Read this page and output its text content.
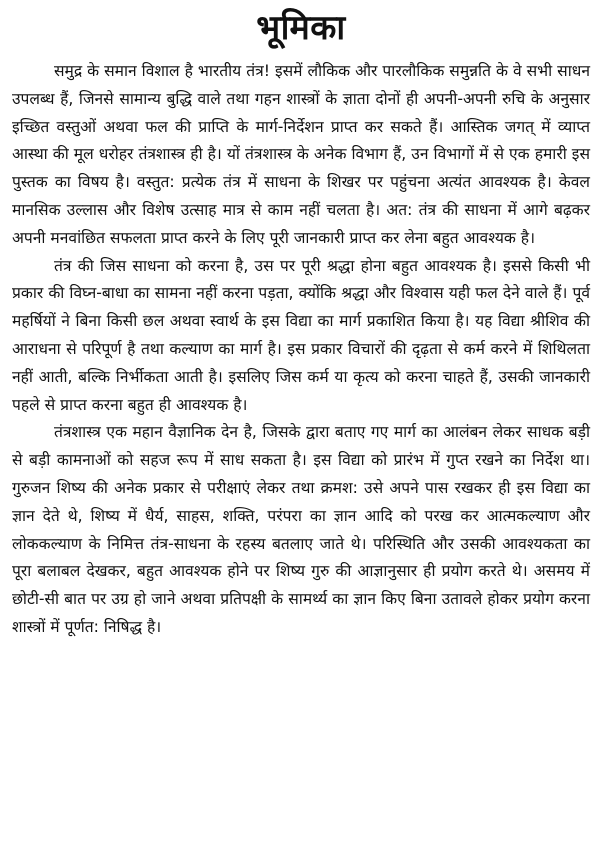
भूमिका

समुद्र के समान विशाल है भारतीय तंत्र! इसमें लौकिक और पारलौकिक समुन्नति के वे सभी साधन उपलब्ध हैं, जिनसे सामान्य बुद्धि वाले तथा गहन शास्त्रों के ज्ञाता दोनों ही अपनी-अपनी रुचि के अनुसार इच्छित वस्तुओं अथवा फल की प्राप्ति के मार्ग-निर्देशन प्राप्त कर सकते हैं। आस्तिक जगत् में व्याप्त आस्था की मूल धरोहर तंत्रशास्त्र ही है। यों तंत्रशास्त्र के अनेक विभाग हैं, उन विभागों में से एक हमारी इस पुस्तक का विषय है। वस्तुत: प्रत्येक तंत्र में साधना के शिखर पर पहुंचना अत्यंत आवश्यक है। केवल मानसिक उल्लास और विशेष उत्साह मात्र से काम नहीं चलता है। अत: तंत्र की साधना में आगे बढ़कर अपनी मनवांछित सफलता प्राप्त करने के लिए पूरी जानकारी प्राप्त कर लेना बहुत आवश्यक है।

तंत्र की जिस साधना को करना है, उस पर पूरी श्रद्धा होना बहुत आवश्यक है। इससे किसी भी प्रकार की विघ्न-बाधा का सामना नहीं करना पड़ता, क्योंकि श्रद्धा और विश्वास यही फल देने वाले हैं। पूर्व महर्षियों ने बिना किसी छल अथवा स्वार्थ के इस विद्या का मार्ग प्रकाशित किया है। यह विद्या श्रीशिव की आराधना से परिपूर्ण है तथा कल्याण का मार्ग है। इस प्रकार विचारों की दृढ़ता से कर्म करने में शिथिलता नहीं आती, बल्कि निर्भीकता आती है। इसलिए जिस कर्म या कृत्य को करना चाहते हैं, उसकी जानकारी पहले से प्राप्त करना बहुत ही आवश्यक है।

तंत्रशास्त्र एक महान वैज्ञानिक देन है, जिसके द्वारा बताए गए मार्ग का आलंबन लेकर साधक बड़ी से बड़ी कामनाओं को सहज रूप में साध सकता है। इस विद्या को प्रारंभ में गुप्त रखने का निर्देश था। गुरुजन शिष्य की अनेक प्रकार से परीक्षाएं लेकर तथा क्रमश: उसे अपने पास रखकर ही इस विद्या का ज्ञान देते थे, शिष्य में धैर्य, साहस, शक्ति, परंपरा का ज्ञान आदि को परख कर आत्मकल्याण और लोककल्याण के निमित्त तंत्र-साधना के रहस्य बतलाए जाते थे। परिस्थिति और उसकी आवश्यकता का पूरा बलाबल देखकर, बहुत आवश्यक होने पर शिष्य गुरु की आज्ञानुसार ही प्रयोग करते थे। असमय में छोटी-सी बात पर उग्र हो जाने अथवा प्रतिपक्षी के सामर्थ्य का ज्ञान किए बिना उतावले होकर प्रयोग करना शास्त्रों में पूर्णत: निषिद्ध है।
